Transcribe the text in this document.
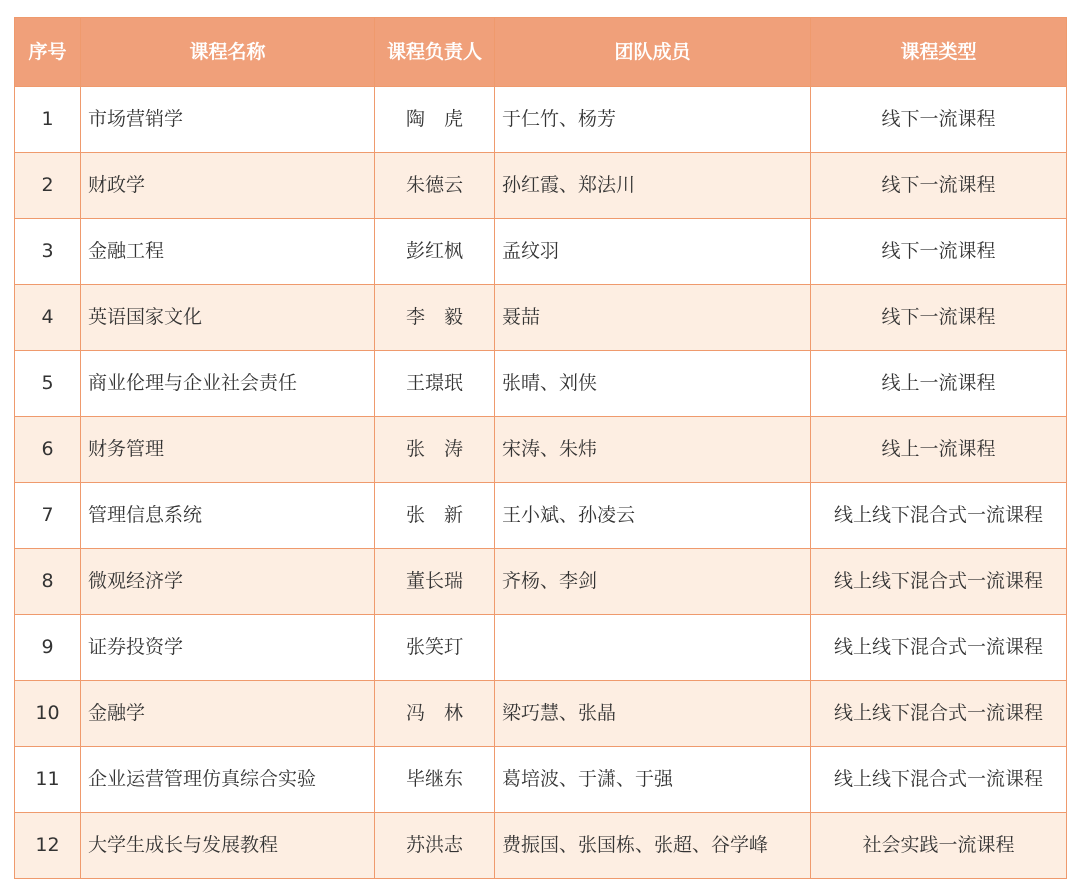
序号	课程名称	课程负责人	团队成员	课程类型
1	市场营销学	陶　虎	于仁竹、杨芳	线下一流课程
2	财政学	朱德云	孙红霞、郑法川	线下一流课程
3	金融工程	彭红枫	孟纹羽	线下一流课程
4	英语国家文化	李　毅	聂喆	线下一流课程
5	商业伦理与企业社会责任	王璟珉	张晴、刘侠	线上一流课程
6	财务管理	张　涛	宋涛、朱炜	线上一流课程
7	管理信息系统	张　新	王小斌、孙凌云	线上线下混合式一流课程
8	微观经济学	董长瑞	齐杨、李剑	线上线下混合式一流课程
9	证券投资学	张笑玎		线上线下混合式一流课程
10	金融学	冯　林	梁巧慧、张晶	线上线下混合式一流课程
11	企业运营管理仿真综合实验	毕继东	葛培波、于潇、于强	线上线下混合式一流课程
12	大学生成长与发展教程	苏洪志	费振国、张国栋、张超、谷学峰	社会实践一流课程
